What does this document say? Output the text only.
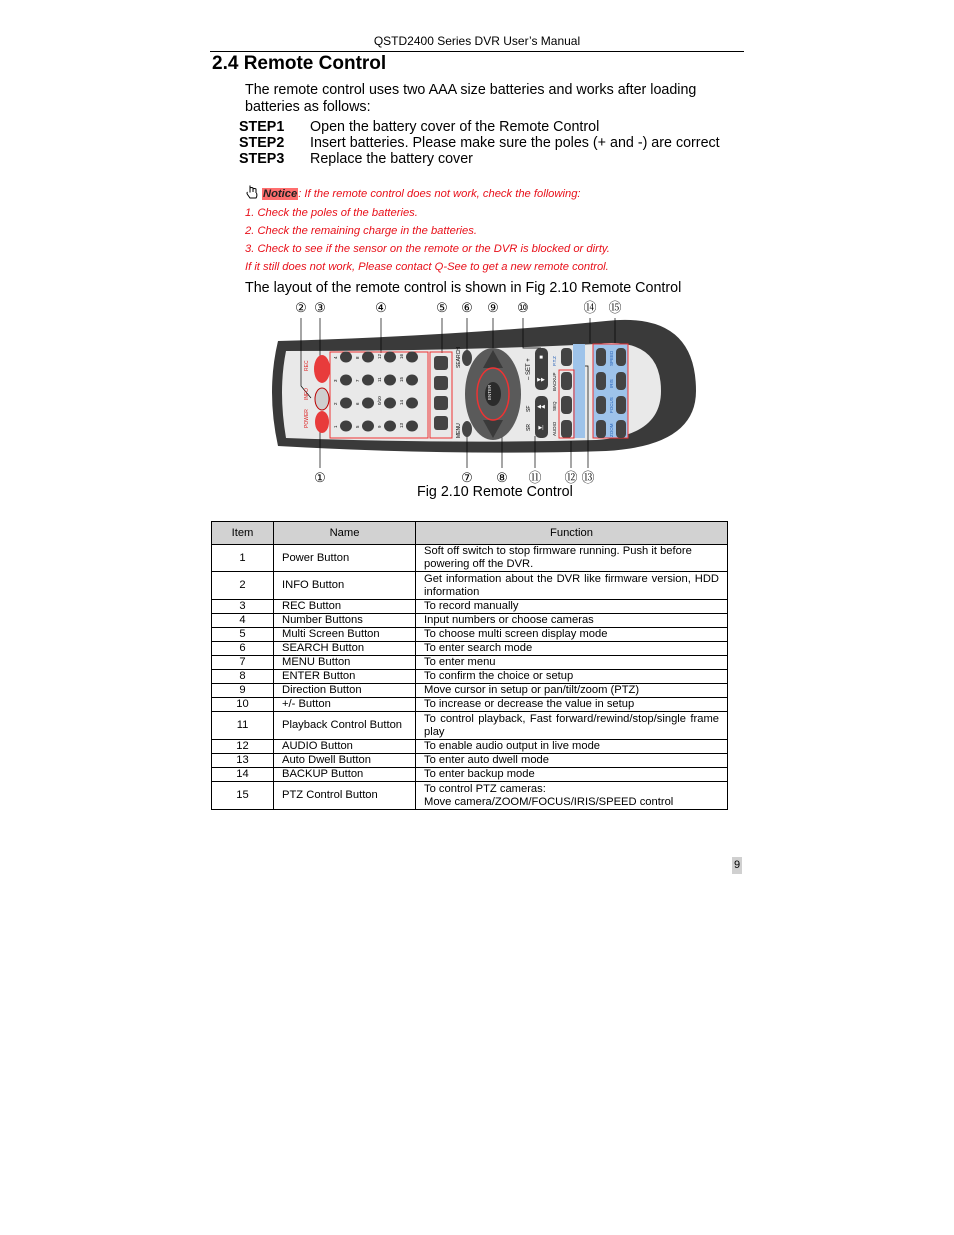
QSTD2400 Series DVR User’s Manual
2.4 Remote Control
The remote control uses two AAA size batteries and works after loading batteries as follows:
STEP1 Open the battery cover of the Remote Control
STEP2 Insert batteries. Please make sure the poles (+ and -) are correct
STEP3 Replace the battery cover
Notice: If the remote control does not work, check the following:
1. Check the poles of the batteries.
2. Check the remaining charge in the batteries.
3. Check to see if the sensor on the remote or the DVR is blocked or dirty.
If it still does not work, Please contact Q-See to get a new remote control.
The layout of the remote control is shown in Fig 2.10 Remote Control
② ③	④	⑤ ⑥ ⑨ ⑩	⑭ ⑮
REC
INFO
POWER	1
2
3
4
5
6
7
8
9
0/10
11
12
13
14
15
16	SEARCH
MENU
ENTER
– SET +
SR
SF
■
▶▶
◀◀
▶|
P.T.Z
BACKUP
SEQ
AUDIO
SPEED
IRIS
FOCUS
ZOOM
①	⑦ ⑧ ⑪ ⑫ ⑬
Fig 2.10 Remote Control
Item	Name	Function
1	Power Button	Soft off switch to stop firmware running. Push it before powering off the DVR.
2	INFO Button	Get information about the DVR like firmware version, HDD information
3	REC Button	To record manually
4	Number Buttons	Input numbers or choose cameras
5	Multi Screen Button	To choose multi screen display mode
6	SEARCH Button	To enter search mode
7	MENU Button	To enter menu
8	ENTER Button	To confirm the choice or setup
9	Direction Button	Move cursor in setup or pan/tilt/zoom (PTZ)
10	+/- Button	To increase or decrease the value in setup
11	Playback Control Button	To control playback, Fast forward/rewind/stop/single frame play
12	AUDIO Button	To enable audio output in live mode
13	Auto Dwell Button	To enter auto dwell mode
14	BACKUP Button	To enter backup mode
15	PTZ Control Button	To control PTZ cameras:
Move camera/ZOOM/FOCUS/IRIS/SPEED control
9
